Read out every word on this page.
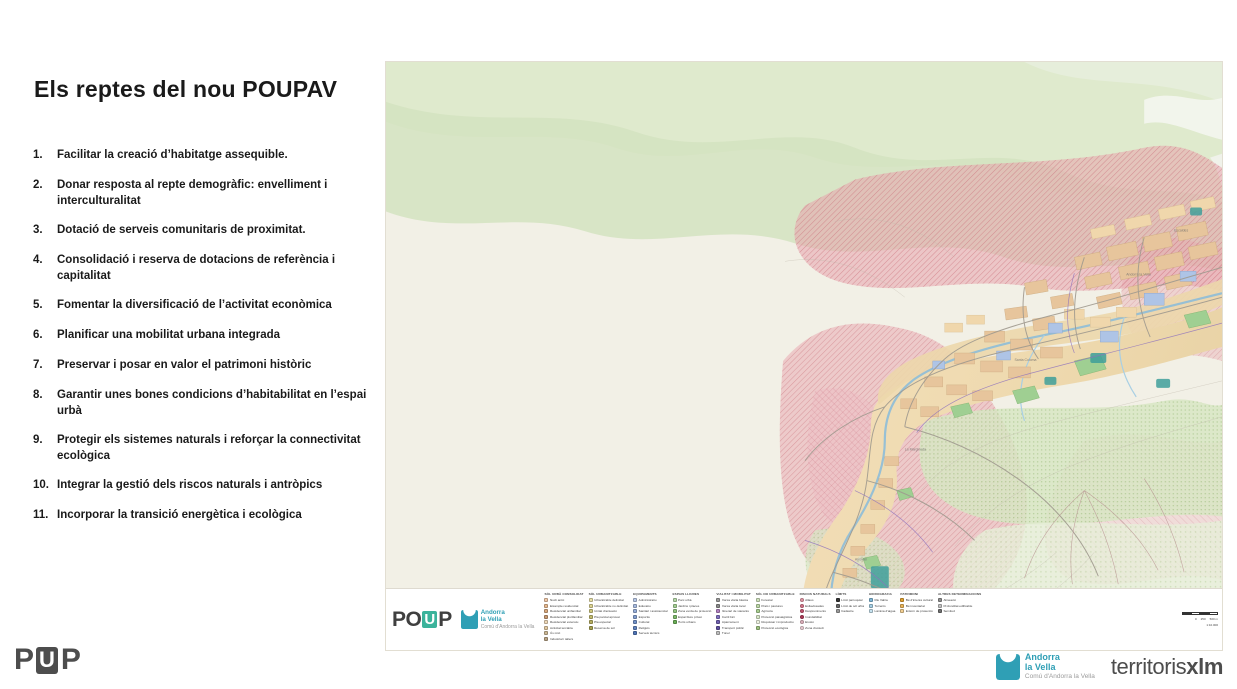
Els reptes del nou POUPAV
1.	Facilitar la creació d’habitatge assequible.
2.	Donar resposta al repte demogràfic: envelliment i interculturalitat
3.	Dotació de serveis comunitaris de proximitat.
4.	Consolidació i reserva de dotacions de referència i capitalitat
5.	Fomentar la diversificació de l’activitat econòmica
6.	Planificar una mobilitat urbana integrada
7.	Preservar i posar en valor el patrimoni històric
8.	Garantir unes bones condicions d’habitabilitat en l’espai urbà
9.	Protegir els sistemes naturals i reforçar la connectivitat ecològica
10. Integrar la gestió dels riscos naturals i antròpics
11. Incorporar la transició energètica i ecològica
P U P
Andorra la Vella
Santa Coloma
La Margineda
Aixovall
Escaldes
PO U P	Andorra
la Vella
Comú d'Andorra la Vella
SÒL URBÀ CONSOLIDAT
Nucli antic
Eixample residencial
Residencial unifamiliar
Residencial plurifamiliar
Residencial extensiu
Activitat terciària
Ús mixt
Industrial i tallers
SÒL URBANITZABLE
Urbanitzable delimitat
Urbanitzable no delimitat
Unitat d'actuació
Pla parcial aprovat
Pla especial
Reserva de sòl
EQUIPAMENTS
Administratiu
Educatiu
Sanitari i assistencial
Esportiu
Cultural
Religiós
Serveis tècnics
ESPAIS LLIURES
Parc urbà
Jardins i places
Zona verda de protecció
Espai lliure privat
Horts urbans
VIALITAT I MOBILITAT
Xarxa viària bàsica
Xarxa viària local
Itinerari de vianants
Carril bici
Aparcament
Transport públic
Túnel
SÒL NO URBANITZABLE
Forestal
Prats i pastures
Agrícola
Protecció paisatgística
Roquissar i improductiu
Protecció ecològica
RISCOS NATURALS
Allaus
Esllavissades
Despreniments
Inundabilitat
Erosió
Zona d'estudi
LÍMITS
Límit parroquial
Límit de sòl urbà
Cadastre
HIDROGRAFIA
Riu Valira
Torrents
Làmina d'aigua
PATRIMONI
Bé d'interès cultural
Bé inventariat
Entorn de protecció
ALTRES DETERMINACIONS
Alineació
Profunditat edificable
Servitud
0 250 500 m
1:10.000
Andorra
la Vella
Comú d'Andorra la Vella territorisxlm
